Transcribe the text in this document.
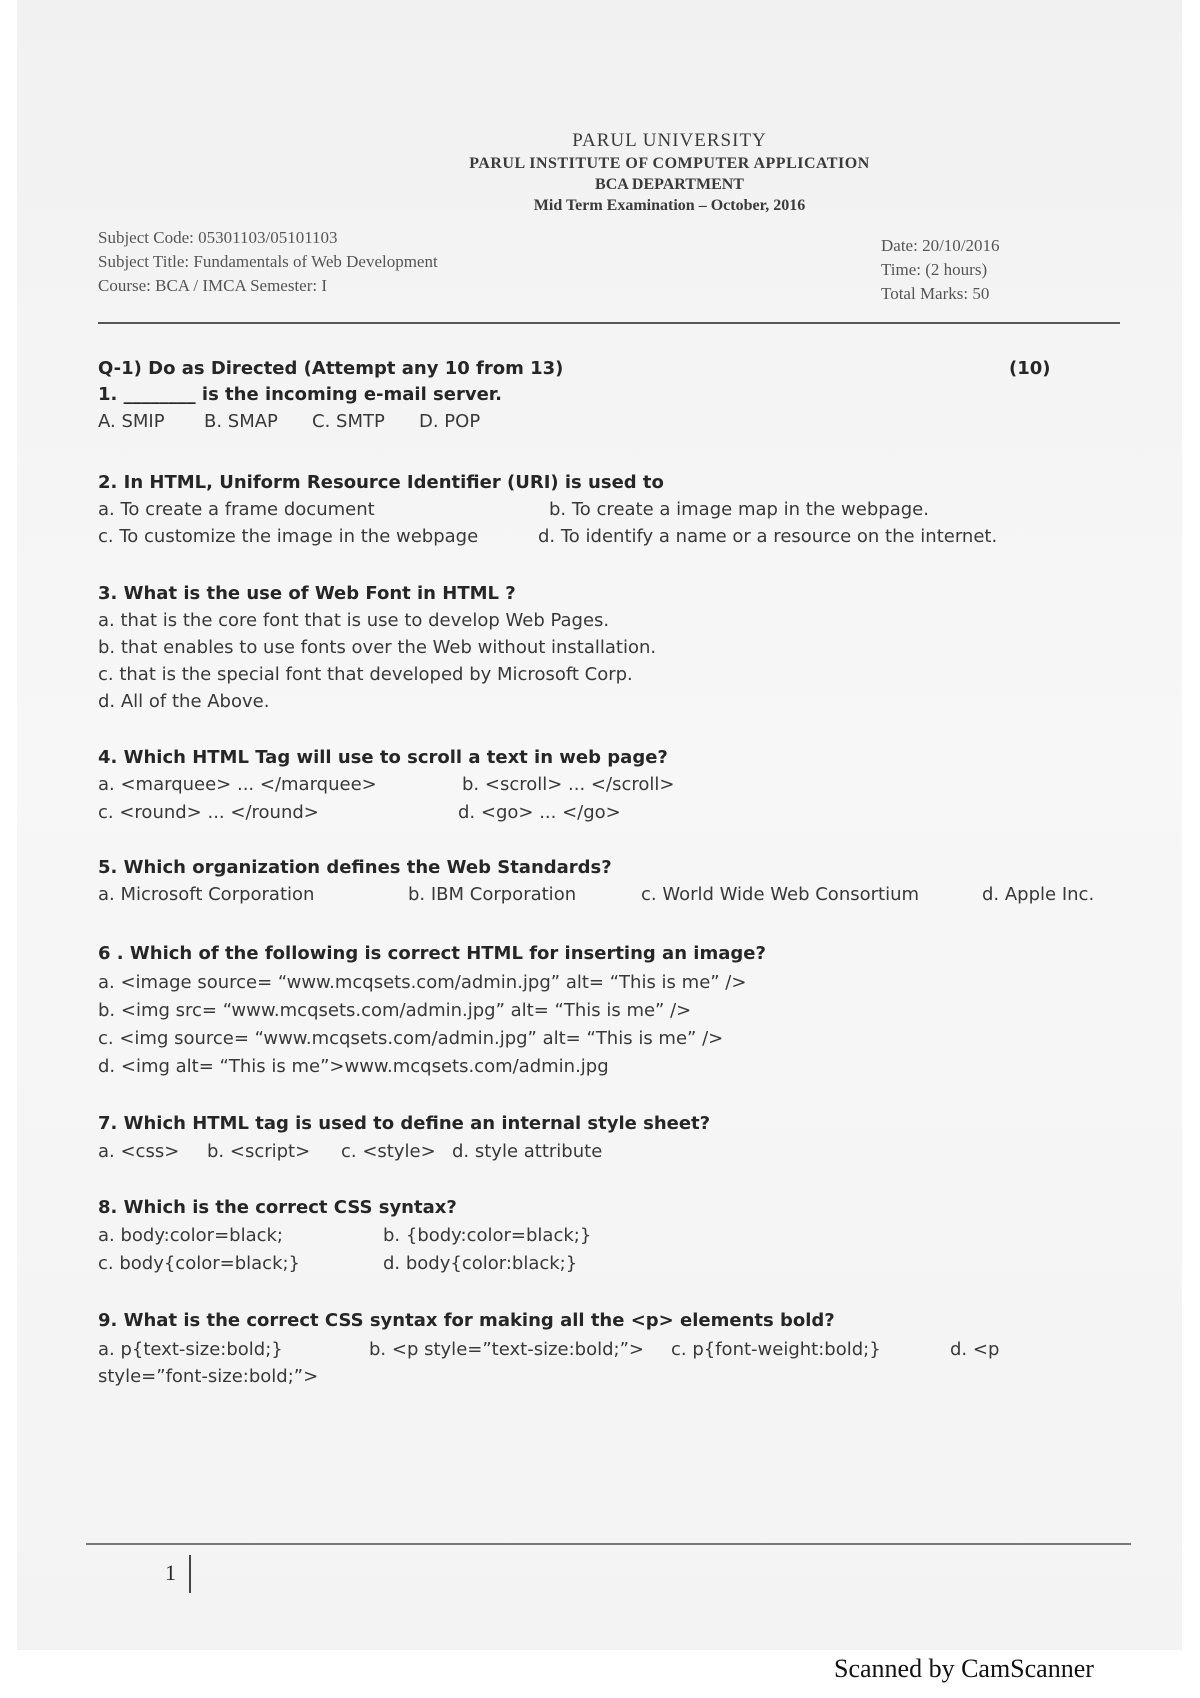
PARUL UNIVERSITY
PARUL INSTITUTE OF COMPUTER APPLICATION
BCA DEPARTMENT
Mid Term Examination – October, 2016
Subject Code: 05301103/05101103
Subject Title: Fundamentals of Web Development
Course: BCA / IMCA Semester: I
Date: 20/10/2016
Time: (2 hours)
Total Marks: 50
Q-1) Do as Directed (Attempt any 10 from 13)	(10)
1. ________ is the incoming e-mail server.
A. SMIP B. SMAP C. SMTP D. POP
2. In HTML, Uniform Resource Identifier (URI) is used to
a. To create a frame document	b. To create a image map in the webpage.
c. To customize the image in the webpage	d. To identify a name or a resource on the internet.
3. What is the use of Web Font in HTML ?
a. that is the core font that is use to develop Web Pages.
b. that enables to use fonts over the Web without installation.
c. that is the special font that developed by Microsoft Corp.
d. All of the Above.
4. Which HTML Tag will use to scroll a text in web page?
a. <marquee> ... </marquee>	b. <scroll> ... </scroll>
c. <round> ... </round>	d. <go> ... </go>
5. Which organization defines the Web Standards?
a. Microsoft Corporation	b. IBM Corporation	c. World Wide Web Consortium	d. Apple Inc.
6 . Which of the following is correct HTML for inserting an image?
a. <image source= “www.mcqsets.com/admin.jpg” alt= “This is me” />
b. <img src= “www.mcqsets.com/admin.jpg” alt= “This is me” />
c. <img source= “www.mcqsets.com/admin.jpg” alt= “This is me” />
d. <img alt= “This is me”>www.mcqsets.com/admin.jpg
7. Which HTML tag is used to define an internal style sheet?
a. <css> b. <script> c. <style> d. style attribute
8. Which is the correct CSS syntax?
a. body:color=black;	b. {body:color=black;}
c. body{color=black;}	d. body{color:black;}
9. What is the correct CSS syntax for making all the <p> elements bold?
a. p{text-size:bold;}	b. <p style=”text-size:bold;”> c. p{font-weight:bold;}	d. <p
style=”font-size:bold;”>
1
Scanned by CamScanner
